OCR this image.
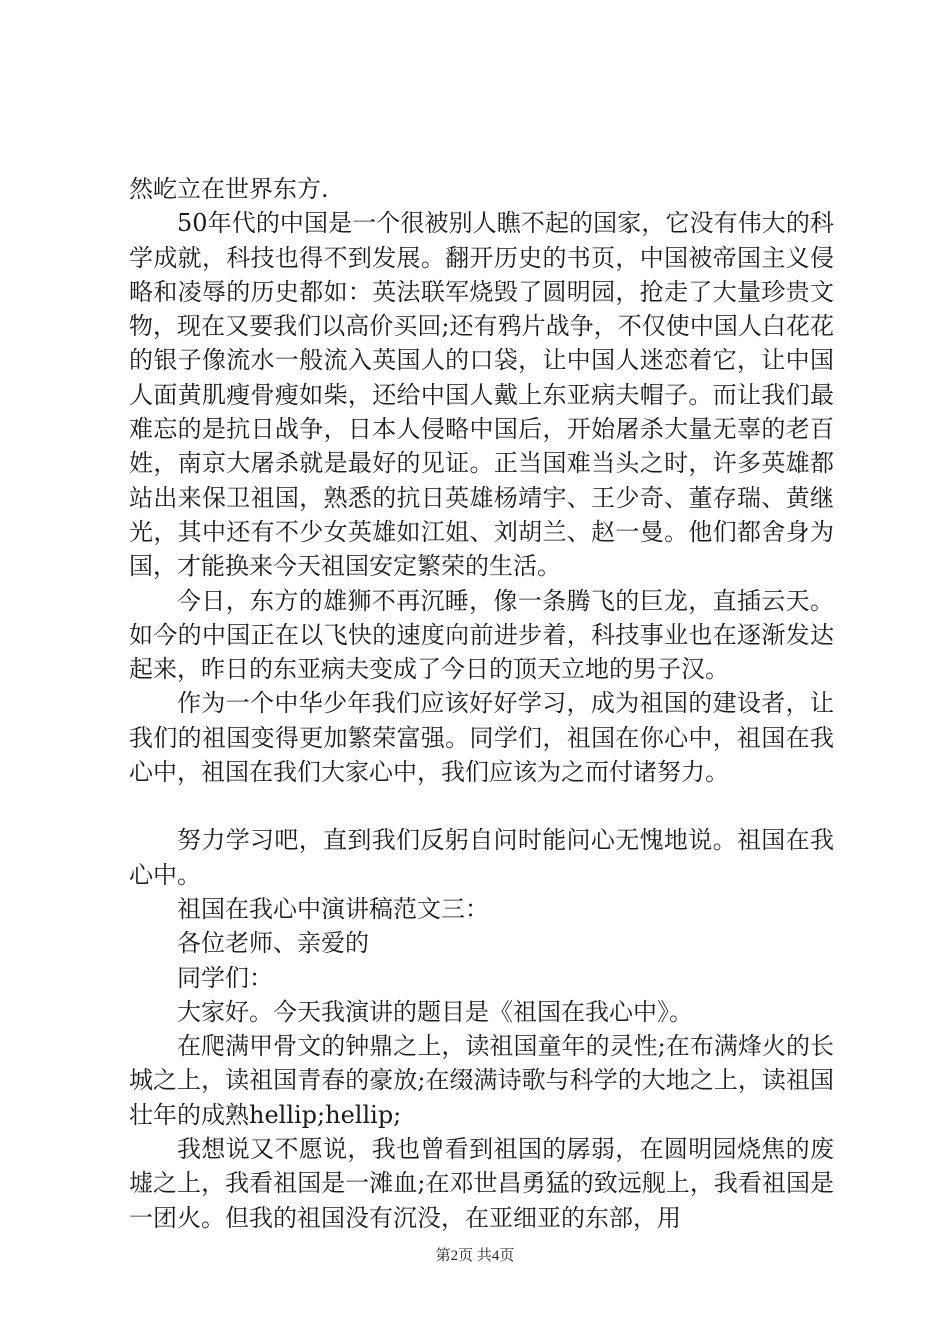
然屹立在世界东方.

50年代的中国是一个很被别人瞧不起的国家，它没有伟大的科学成就，科技也得不到发展。翻开历史的书页，中国被帝国主义侵略和凌辱的历史都如：英法联军烧毁了圆明园，抢走了大量珍贵文物，现在又要我们以高价买回;还有鸦片战争，不仅使中国人白花花的银子像流水一般流入英国人的口袋，让中国人迷恋着它，让中国人面黄肌瘦骨瘦如柴，还给中国人戴上东亚病夫帽子。而让我们最难忘的是抗日战争，日本人侵略中国后，开始屠杀大量无辜的老百姓，南京大屠杀就是最好的见证。正当国难当头之时，许多英雄都站出来保卫祖国，熟悉的抗日英雄杨靖宇、王少奇、董存瑞、黄继光，其中还有不少女英雄如江姐、刘胡兰、赵一曼。他们都舍身为国，才能换来今天祖国安定繁荣的生活。

今日，东方的雄狮不再沉睡，像一条腾飞的巨龙，直插云天。如今的中国正在以飞快的速度向前进步着，科技事业也在逐渐发达起来，昨日的东亚病夫变成了今日的顶天立地的男子汉。

作为一个中华少年我们应该好好学习，成为祖国的建设者，让我们的祖国变得更加繁荣富强。同学们，祖国在你心中，祖国在我心中，祖国在我们大家心中，我们应该为之而付诸努力。

努力学习吧，直到我们反躬自问时能问心无愧地说。祖国在我心中。

祖国在我心中演讲稿范文三：

各位老师、亲爱的

同学们：

大家好。今天我演讲的题目是《祖国在我心中》。

在爬满甲骨文的钟鼎之上，读祖国童年的灵性;在布满烽火的长城之上，读祖国青春的豪放;在缀满诗歌与科学的大地之上，读祖国壮年的成熟hellip;hellip;

我想说又不愿说，我也曾看到祖国的孱弱，在圆明园烧焦的废墟之上，我看祖国是一滩血;在邓世昌勇猛的致远舰上，我看祖国是一团火。但我的祖国没有沉没，在亚细亚的东部，用

第2页 共4页
